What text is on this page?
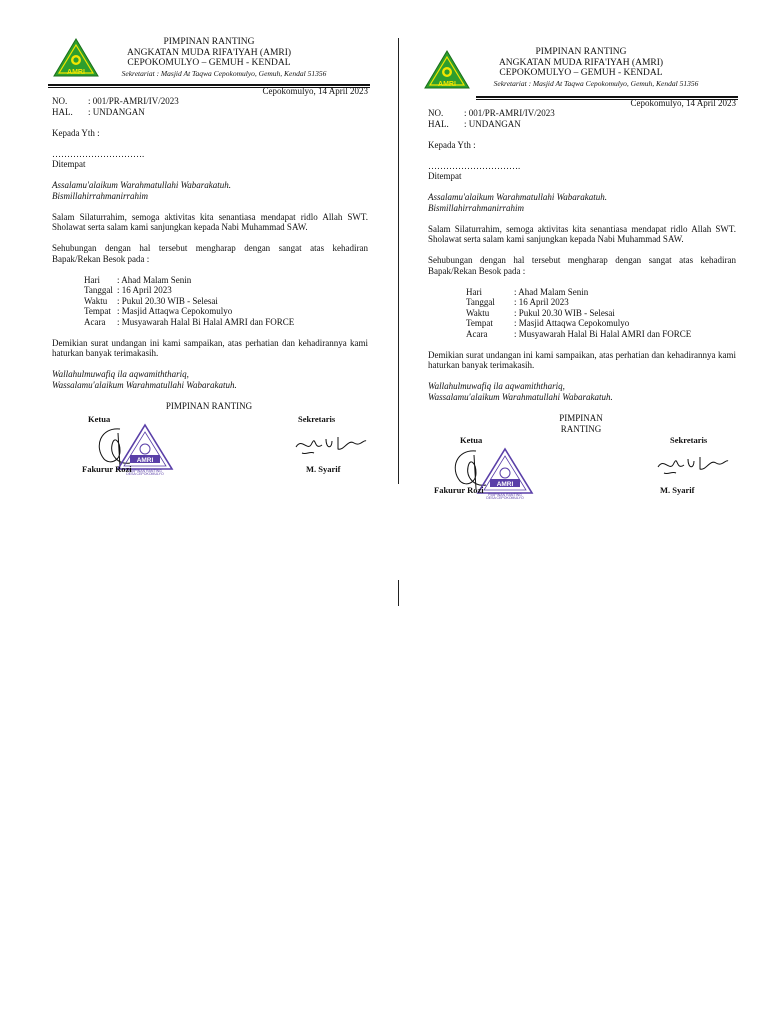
AMRI
PIMPINAN RANTING
ANGKATAN MUDA RIFA'IYAH (AMRI)
CEPOKOMULYO – GEMUH - KENDAL
Sekretariat : Masjid At Taqwa Cepokomulyo, Gemuh, Kendal 51356
Cepokomulyo, 14 April 2023
NO.	: 001/PR-AMRI/IV/2023
HAL.	: UNDANGAN
Kepada Yth :
………………………….
Ditempat
Assalamu'alaikum Warahmatullahi Wabarakatuh.
Bismillahirrahmanirrahim
Salam Silaturrahim, semoga aktivitas kita senantiasa mendapat ridlo Allah SWT. Sholawat serta salam kami sanjungkan kepada Nabi Muhammad SAW.
Sehubungan dengan hal tersebut mengharap dengan sangat atas kehadiran Bapak/Rekan Besok pada :
Hari	: Ahad Malam Senin
Tanggal : 16 April 2023
Waktu	: Pukul 20.30 WIB - Selesai
Tempat : Masjid Attaqwa Cepokomulyo
Acara	: Musyawarah Halal Bi Halal AMRI dan FORCE
Demikian surat undangan ini kami sampaikan, atas perhatian dan kehadirannya kami haturkan banyak terimakasih.
Wallahulmuwafiq ila aqwamiththariq,
Wassalamu'alaikum Warahmatullahi Wabarakatuh.
PIMPINAN RANTING
Ketua	Sekretaris
AMRI
PIMPINAN RANTING
DESA CEPOKOMULYO
Fakurur Rozi	M. Syarif
AMRI
PIMPINAN RANTING
ANGKATAN MUDA RIFA'IYAH (AMRI)
CEPOKOMULYO – GEMUH - KENDAL
Sekretariat : Masjid At Taqwa Cepokomulyo, Gemuh, Kendal 51356
Cepokomulyo, 14 April 2023
NO.	: 001/PR-AMRI/IV/2023
HAL.	: UNDANGAN
Kepada Yth :
………………………….
Ditempat
Assalamu'alaikum Warahmatullahi Wabarakatuh.
Bismillahirrahmanirrahim
Salam Silaturrahim, semoga aktivitas kita senantiasa mendapat ridlo Allah SWT. Sholawat serta salam kami sanjungkan kepada Nabi Muhammad SAW.
Sehubungan dengan hal tersebut mengharap dengan sangat atas kehadiran Bapak/Rekan Besok pada :
Hari	: Ahad Malam Senin
Tanggal	: 16 April 2023
Waktu	: Pukul 20.30 WIB - Selesai
Tempat	: Masjid Attaqwa Cepokomulyo
Acara	: Musyawarah Halal Bi Halal AMRI dan FORCE
Demikian surat undangan ini kami sampaikan, atas perhatian dan kehadirannya kami haturkan banyak terimakasih.
Wallahulmuwafiq ila aqwamiththariq,
Wassalamu'alaikum Warahmatullahi Wabarakatuh.
PIMPINAN
RANTING
Ketua	Sekretaris
AMRI
PIMPINAN RANTING
DESA CEPOKOMULYO
Fakurur Rozi	M. Syarif
